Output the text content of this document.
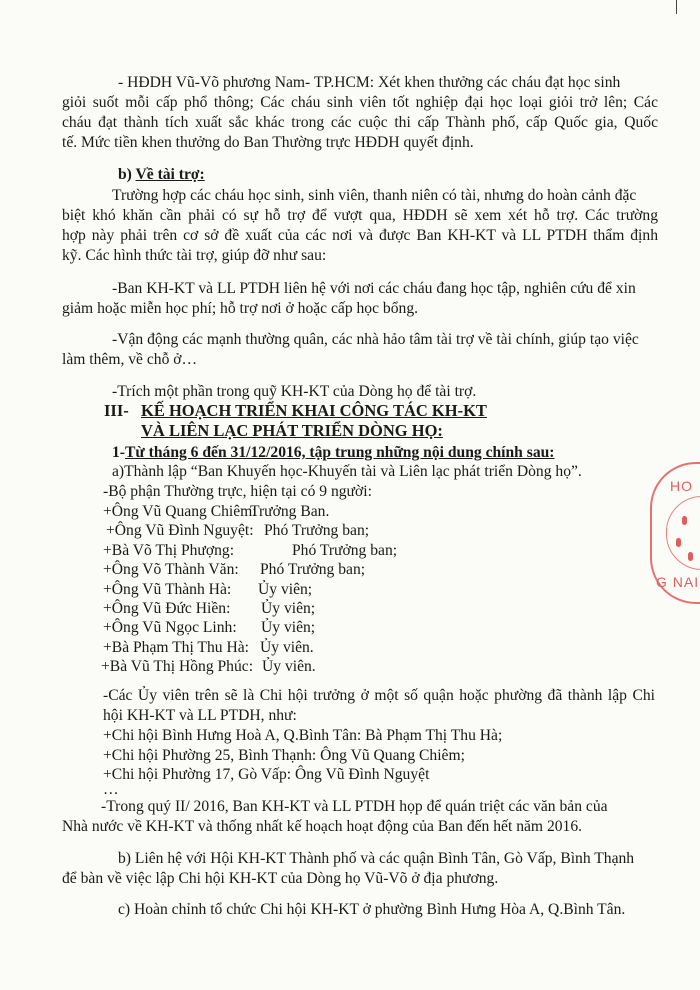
- HĐDH Vũ-Võ phương Nam- TP.HCM: Xét khen thưởng các cháu đạt học sinh
giỏi suốt mỗi cấp phổ thông; Các cháu sinh viên tốt nghiệp đại học loại giỏi trở lên; Các
cháu đạt thành tích xuất sắc khác trong các cuộc thi cấp Thành phố, cấp Quốc gia, Quốc
tế. Mức tiền khen thưởng do Ban Thường trực HĐDH quyết định.
b) Về tài trợ:
Trường hợp các cháu học sinh, sinh viên, thanh niên có tài, nhưng do hoàn cảnh đặc
biệt khó khăn cần phải có sự hỗ trợ để vượt qua, HĐDH sẽ xem xét hỗ trợ. Các trường
hợp này phải trên cơ sở đề xuất của các nơi và được Ban KH-KT và LL PTDH thẩm định
kỹ. Các hình thức tài trợ, giúp đỡ như sau:
-Ban KH-KT và LL PTDH liên hệ với nơi các cháu đang học tập, nghiên cứu để xin
giảm hoặc miễn học phí; hỗ trợ nơi ở hoặc cấp học bổng.
-Vận động các mạnh thường quân, các nhà hảo tâm tài trợ về tài chính, giúp tạo việc
làm thêm, về chỗ ở…
-Trích một phần trong quỹ KH-KT của Dòng họ để tài trợ.
III- KẾ HOẠCH TRIỂN KHAI CÔNG TÁC KH-KT
VÀ LIÊN LẠC PHÁT TRIỂN DÒNG HỌ:
1-Từ tháng 6 đến 31/12/2016, tập trung những nội dung chính sau:
a)Thành lập “Ban Khuyến học-Khuyến tài và Liên lạc phát triển Dòng họ”.
-Bộ phận Thường trực, hiện tại có 9 người:
+Ông Vũ Quang Chiêm:
Trưởng Ban.
+Ông Vũ Đình Nguyệt: Phó Trưởng ban;
+Bà Võ Thị Phượng:	Phó Trưởng ban;
+Ông Võ Thành Văn: Phó Trưởng ban;
+Ông Vũ Thành Hà: Ủy viên;
+Ông Vũ Đức Hiền: Ủy viên;
+Ông Vũ Ngọc Linh: Ủy viên;
+Bà Phạm Thị Thu Hà: Ủy viên.
+Bà Vũ Thị Hồng Phúc: Ủy viên.
-Các Ủy viên trên sẽ là Chi hội trưởng ở một số quận hoặc phường đã thành lập Chi
hội KH-KT và LL PTDH, như:
+Chi hội Bình Hưng Hoà A, Q.Bình Tân: Bà Phạm Thị Thu Hà;
+Chi hội Phường 25, Bình Thạnh: Ông Vũ Quang Chiêm;
+Chi hội Phường 17, Gò Vấp: Ông Vũ Đình Nguyệt
…
-Trong quý II/ 2016, Ban KH-KT và LL PTDH họp để quán triệt các văn bản của
Nhà nước về KH-KT và thống nhất kế hoạch hoạt động của Ban đến hết năm 2016.
b) Liên hệ với Hội KH-KT Thành phố và các quận Bình Tân, Gò Vấp, Bình Thạnh
để bàn về việc lập Chi hội KH-KT của Dòng họ Vũ-Võ ở địa phương.
c) Hoàn chỉnh tổ chức Chi hội KH-KT ở phường Bình Hưng Hòa A, Q.Bình Tân.
HO
G NAI
